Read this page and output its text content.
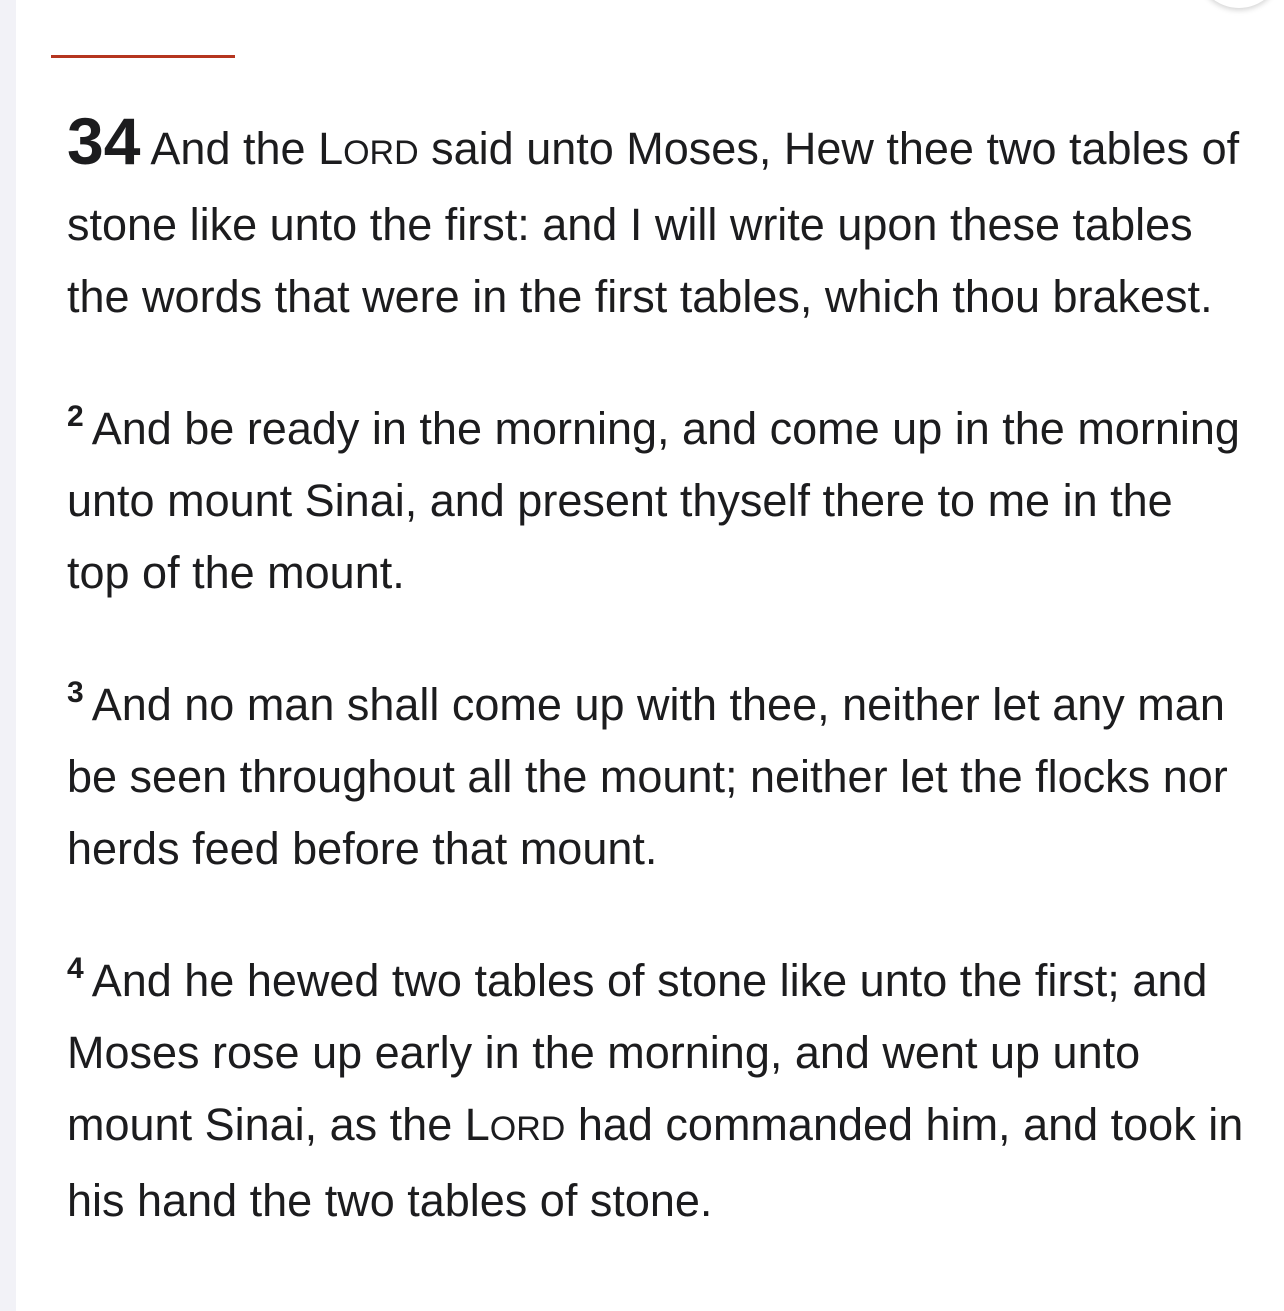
34 And the LORD said unto Moses, Hew thee two tables of stone like unto the first: and I will write upon these tables the words that were in the first tables, which thou brakest.

$^2$ And be ready in the morning, and come up in the morning unto mount Sinai, and present thyself there to me in the top of the mount.

$^3$ And no man shall come up with thee, neither let any man be seen throughout all the mount; neither let the flocks nor herds feed before that mount.

$^4$ And he hewed two tables of stone like unto the first; and Moses rose up early in the morning, and went up unto mount Sinai, as the LORD had commanded him, and took in his hand the two tables of stone.
